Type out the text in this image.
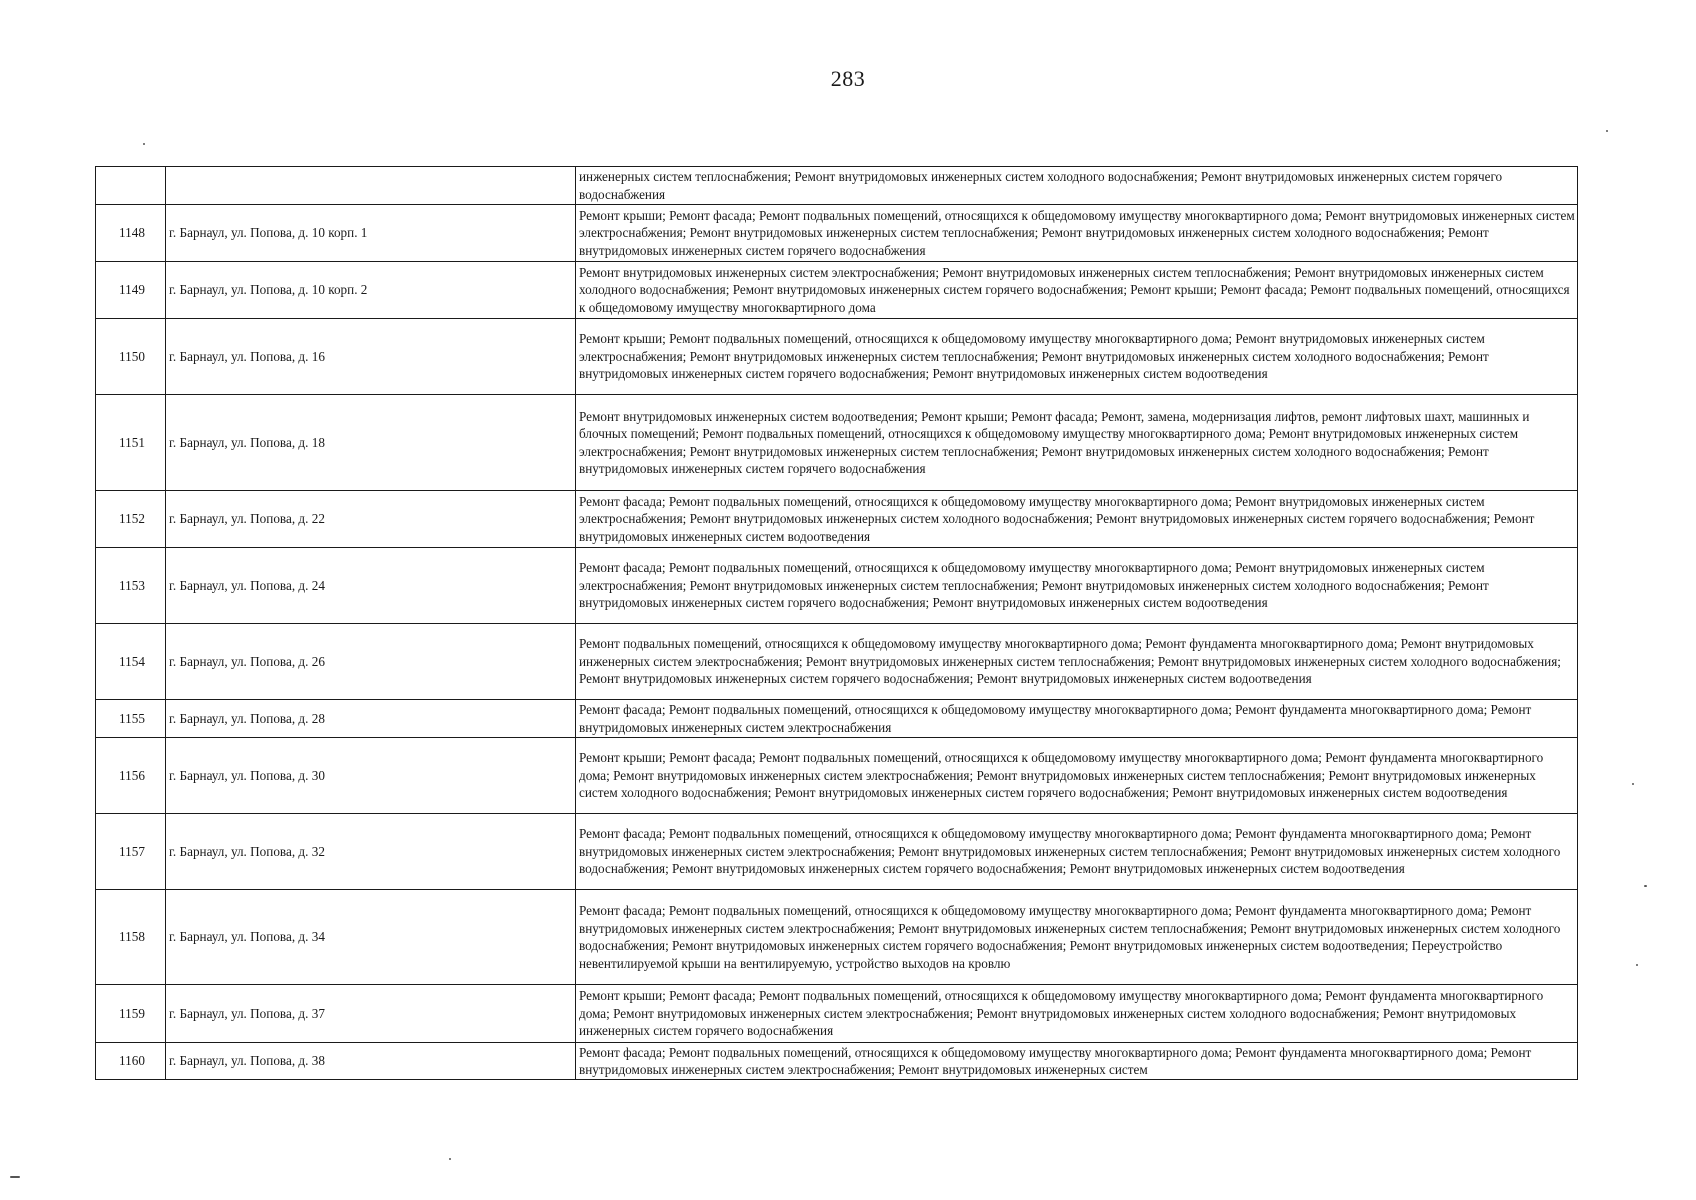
283
		инженерных систем теплоснабжения; Ремонт внутридомовых инженерных систем холодного водоснабжения; Ремонт внутридомовых инженерных систем горячего водоснабжения
1148	г. Барнаул, ул. Попова, д. 10 корп. 1	Ремонт крыши; Ремонт фасада; Ремонт подвальных помещений, относящихся к общедомовому имуществу многоквартирного дома; Ремонт внутридомовых инженерных систем электроснабжения; Ремонт внутридомовых инженерных систем теплоснабжения; Ремонт внутридомовых инженерных систем холодного водоснабжения; Ремонт внутридомовых инженерных систем горячего водоснабжения
1149	г. Барнаул, ул. Попова, д. 10 корп. 2	Ремонт внутридомовых инженерных систем электроснабжения; Ремонт внутридомовых инженерных систем теплоснабжения; Ремонт внутридомовых инженерных систем холодного водоснабжения; Ремонт внутридомовых инженерных систем горячего водоснабжения; Ремонт крыши; Ремонт фасада; Ремонт подвальных помещений, относящихся к общедомовому имуществу многоквартирного дома
1150	г. Барнаул, ул. Попова, д. 16	Ремонт крыши; Ремонт подвальных помещений, относящихся к общедомовому имуществу многоквартирного дома; Ремонт внутридомовых инженерных систем электроснабжения; Ремонт внутридомовых инженерных систем теплоснабжения; Ремонт внутридомовых инженерных систем холодного водоснабжения; Ремонт внутридомовых инженерных систем горячего водоснабжения; Ремонт внутридомовых инженерных систем водоотведения
1151	г. Барнаул, ул. Попова, д. 18	Ремонт внутридомовых инженерных систем водоотведения; Ремонт крыши; Ремонт фасада; Ремонт, замена, модернизация лифтов, ремонт лифтовых шахт, машинных и блочных помещений; Ремонт подвальных помещений, относящихся к общедомовому имуществу многоквартирного дома; Ремонт внутридомовых инженерных систем электроснабжения; Ремонт внутридомовых инженерных систем теплоснабжения; Ремонт внутридомовых инженерных систем холодного водоснабжения; Ремонт внутридомовых инженерных систем горячего водоснабжения
1152	г. Барнаул, ул. Попова, д. 22	Ремонт фасада; Ремонт подвальных помещений, относящихся к общедомовому имуществу многоквартирного дома; Ремонт внутридомовых инженерных систем электроснабжения; Ремонт внутридомовых инженерных систем холодного водоснабжения; Ремонт внутридомовых инженерных систем горячего водоснабжения; Ремонт внутридомовых инженерных систем водоотведения
1153	г. Барнаул, ул. Попова, д. 24	Ремонт фасада; Ремонт подвальных помещений, относящихся к общедомовому имуществу многоквартирного дома; Ремонт внутридомовых инженерных систем электроснабжения; Ремонт внутридомовых инженерных систем теплоснабжения; Ремонт внутридомовых инженерных систем холодного водоснабжения; Ремонт внутридомовых инженерных систем горячего водоснабжения; Ремонт внутридомовых инженерных систем водоотведения
1154	г. Барнаул, ул. Попова, д. 26	Ремонт подвальных помещений, относящихся к общедомовому имуществу многоквартирного дома; Ремонт фундамента многоквартирного дома; Ремонт внутридомовых инженерных систем электроснабжения; Ремонт внутридомовых инженерных систем теплоснабжения; Ремонт внутридомовых инженерных систем холодного водоснабжения; Ремонт внутридомовых инженерных систем горячего водоснабжения; Ремонт внутридомовых инженерных систем водоотведения
1155	г. Барнаул, ул. Попова, д. 28	Ремонт фасада; Ремонт подвальных помещений, относящихся к общедомовому имуществу многоквартирного дома; Ремонт фундамента многоквартирного дома; Ремонт внутридомовых инженерных систем электроснабжения
1156	г. Барнаул, ул. Попова, д. 30	Ремонт крыши; Ремонт фасада; Ремонт подвальных помещений, относящихся к общедомовому имуществу многоквартирного дома; Ремонт фундамента многоквартирного дома; Ремонт внутридомовых инженерных систем электроснабжения; Ремонт внутридомовых инженерных систем теплоснабжения; Ремонт внутридомовых инженерных систем холодного водоснабжения; Ремонт внутридомовых инженерных систем горячего водоснабжения; Ремонт внутридомовых инженерных систем водоотведения
1157	г. Барнаул, ул. Попова, д. 32	Ремонт фасада; Ремонт подвальных помещений, относящихся к общедомовому имуществу многоквартирного дома; Ремонт фундамента многоквартирного дома; Ремонт внутридомовых инженерных систем электроснабжения; Ремонт внутридомовых инженерных систем теплоснабжения; Ремонт внутридомовых инженерных систем холодного водоснабжения; Ремонт внутридомовых инженерных систем горячего водоснабжения; Ремонт внутридомовых инженерных систем водоотведения
1158	г. Барнаул, ул. Попова, д. 34	Ремонт фасада; Ремонт подвальных помещений, относящихся к общедомовому имуществу многоквартирного дома; Ремонт фундамента многоквартирного дома; Ремонт внутридомовых инженерных систем электроснабжения; Ремонт внутридомовых инженерных систем теплоснабжения; Ремонт внутридомовых инженерных систем холодного водоснабжения; Ремонт внутридомовых инженерных систем горячего водоснабжения; Ремонт внутридомовых инженерных систем водоотведения; Переустройство невентилируемой крыши на вентилируемую, устройство выходов на кровлю
1159	г. Барнаул, ул. Попова, д. 37	Ремонт крыши; Ремонт фасада; Ремонт подвальных помещений, относящихся к общедомовому имуществу многоквартирного дома; Ремонт фундамента многоквартирного дома; Ремонт внутридомовых инженерных систем электроснабжения; Ремонт внутридомовых инженерных систем холодного водоснабжения; Ремонт внутридомовых инженерных систем горячего водоснабжения
1160	г. Барнаул, ул. Попова, д. 38	Ремонт фасада; Ремонт подвальных помещений, относящихся к общедомовому имуществу многоквартирного дома; Ремонт фундамента многоквартирного дома; Ремонт внутридомовых инженерных систем электроснабжения; Ремонт внутридомовых инженерных систем
